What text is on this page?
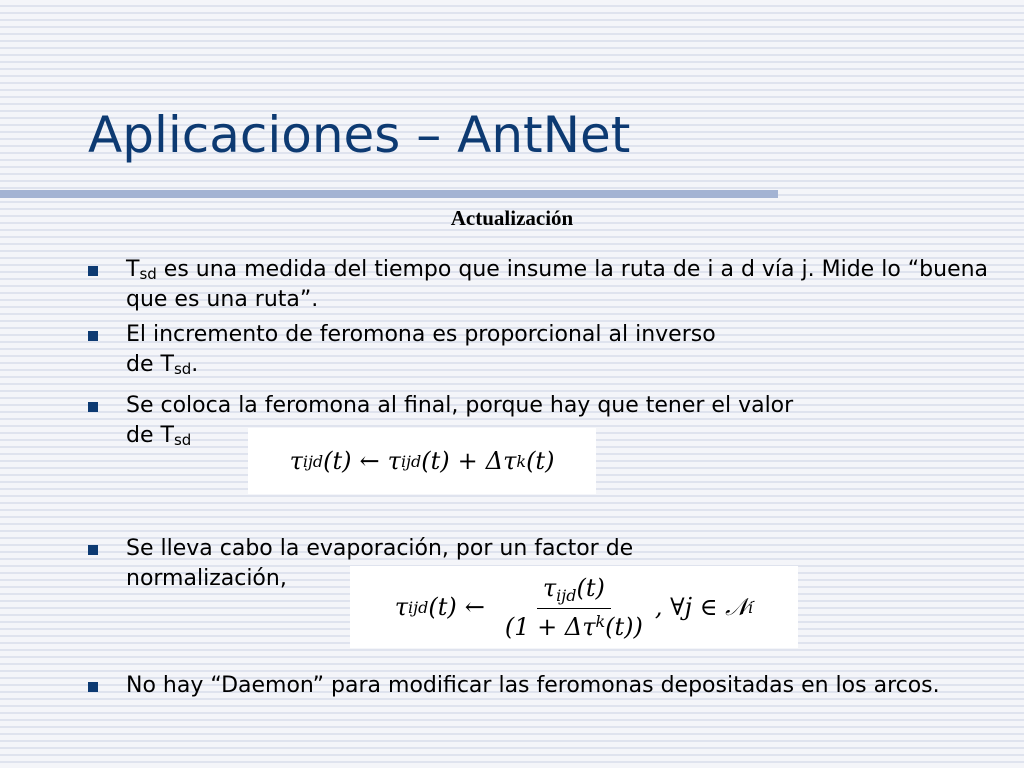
Aplicaciones – AntNet
Actualización
$T_{sd}$ es una medida del tiempo que insume la ruta de i a d vía j. Mide lo “buena que es una ruta”.
El incremento de feromona es proporcional al inverso
de $T_{sd}$.
Se coloca la feromona al final, porque hay que tener el valor
de $T_{sd}$
τ ijd (t) ← τ ijd (t) + Δτ k (t)
Se lleva cabo la evaporación, por un factor de
normalización,
τ ijd (t) ← $\frac{\tau_{ijd}(t)}{(1 + \Delta\tau^k(t))}$ , ∀j ∈ 𝒩 i
No hay “Daemon” para modificar las feromonas depositadas en los arcos.
